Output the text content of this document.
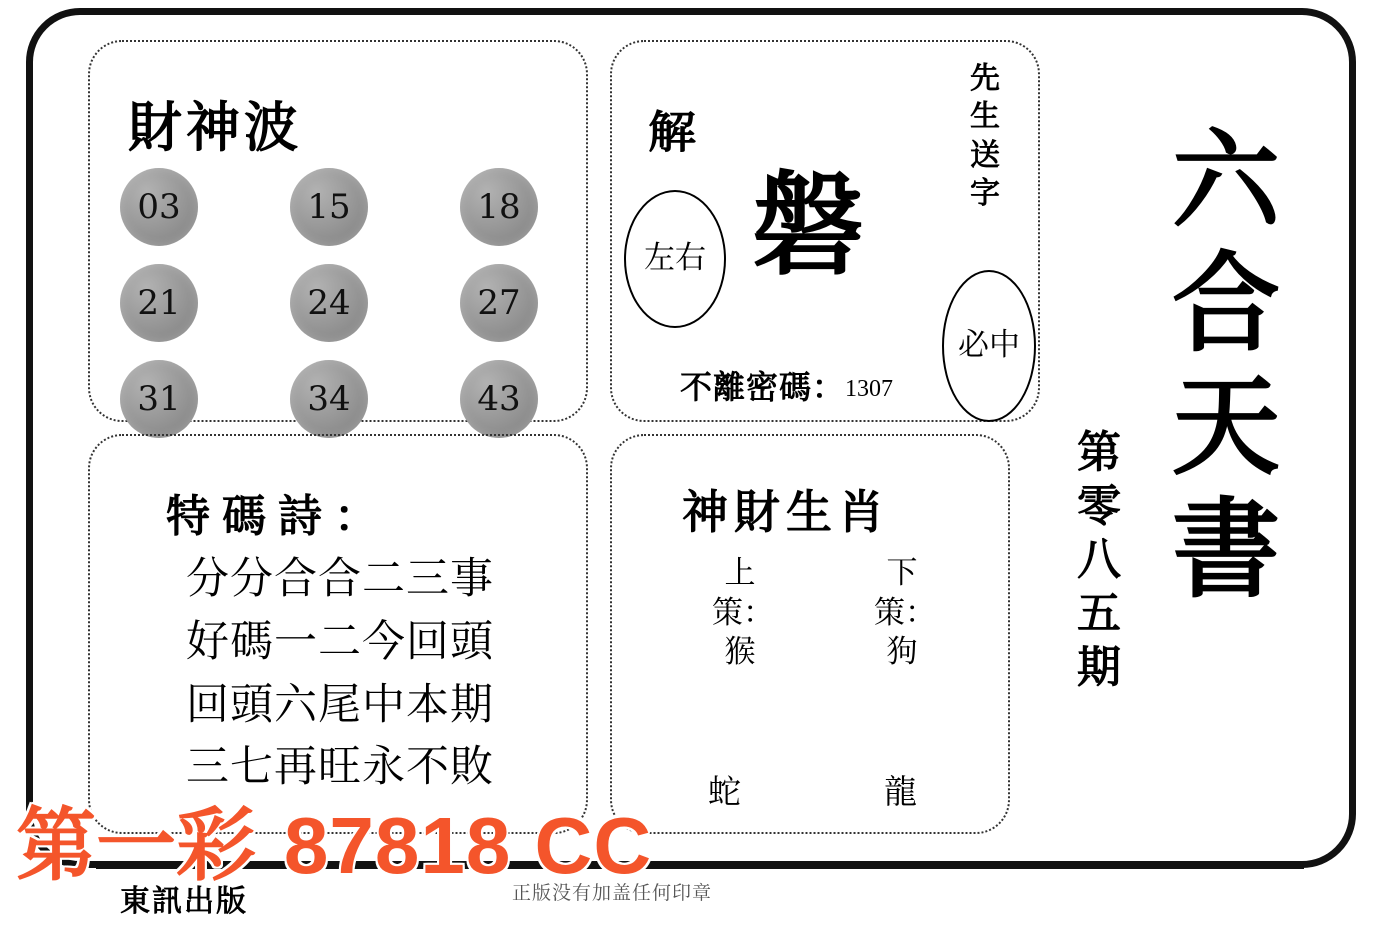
財神波
03	15	18
21	24	27
31	34	43
解
磐
左右
必中
先生送字
不離密碼：1307
特碼詩：
分分合合二三事
好碼一二今回頭
回頭六尾中本期
三七再旺永不敗
神財生肖
上策：猴
下策：狗
蛇	龍
六合天書
第零八五期
東訊出版	正版没有加盖任何印章
第一彩 87818 CC
